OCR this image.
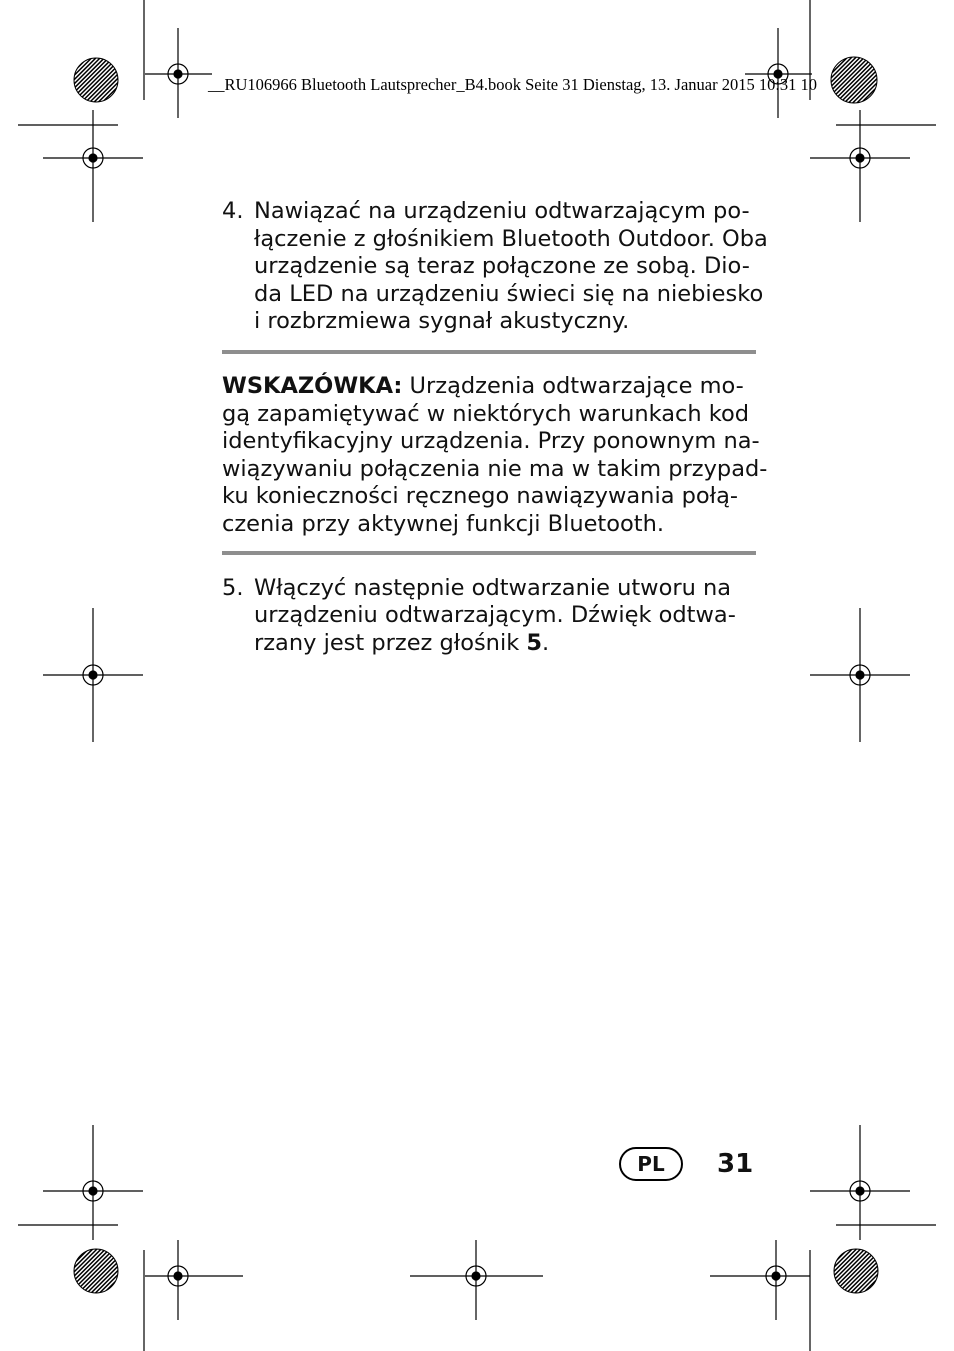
__RU106966 Bluetooth Lautsprecher_B4.book Seite 31 Dienstag, 13. Januar 2015 10:31 10
4. Nawiązać na urządzeniu odtwarzającym po-
łączenie z głośnikiem Bluetooth Outdoor. Oba
urządzenie są teraz połączone ze sobą. Dio-
da LED na urządzeniu świeci się na niebiesko
i rozbrzmiewa sygnał akustyczny.
WSKAZÓWKA: Urządzenia odtwarzające mo-
gą zapamiętywać w niektórych warunkach kod
identyfikacyjny urządzenia. Przy ponownym na-
wiązywaniu połączenia nie ma w takim przypad-
ku konieczności ręcznego nawiązywania połą-
czenia przy aktywnej funkcji Bluetooth.
5. Włączyć następnie odtwarzanie utworu na
urządzeniu odtwarzającym. Dźwięk odtwa-
rzany jest przez głośnik 5.
PL	31
